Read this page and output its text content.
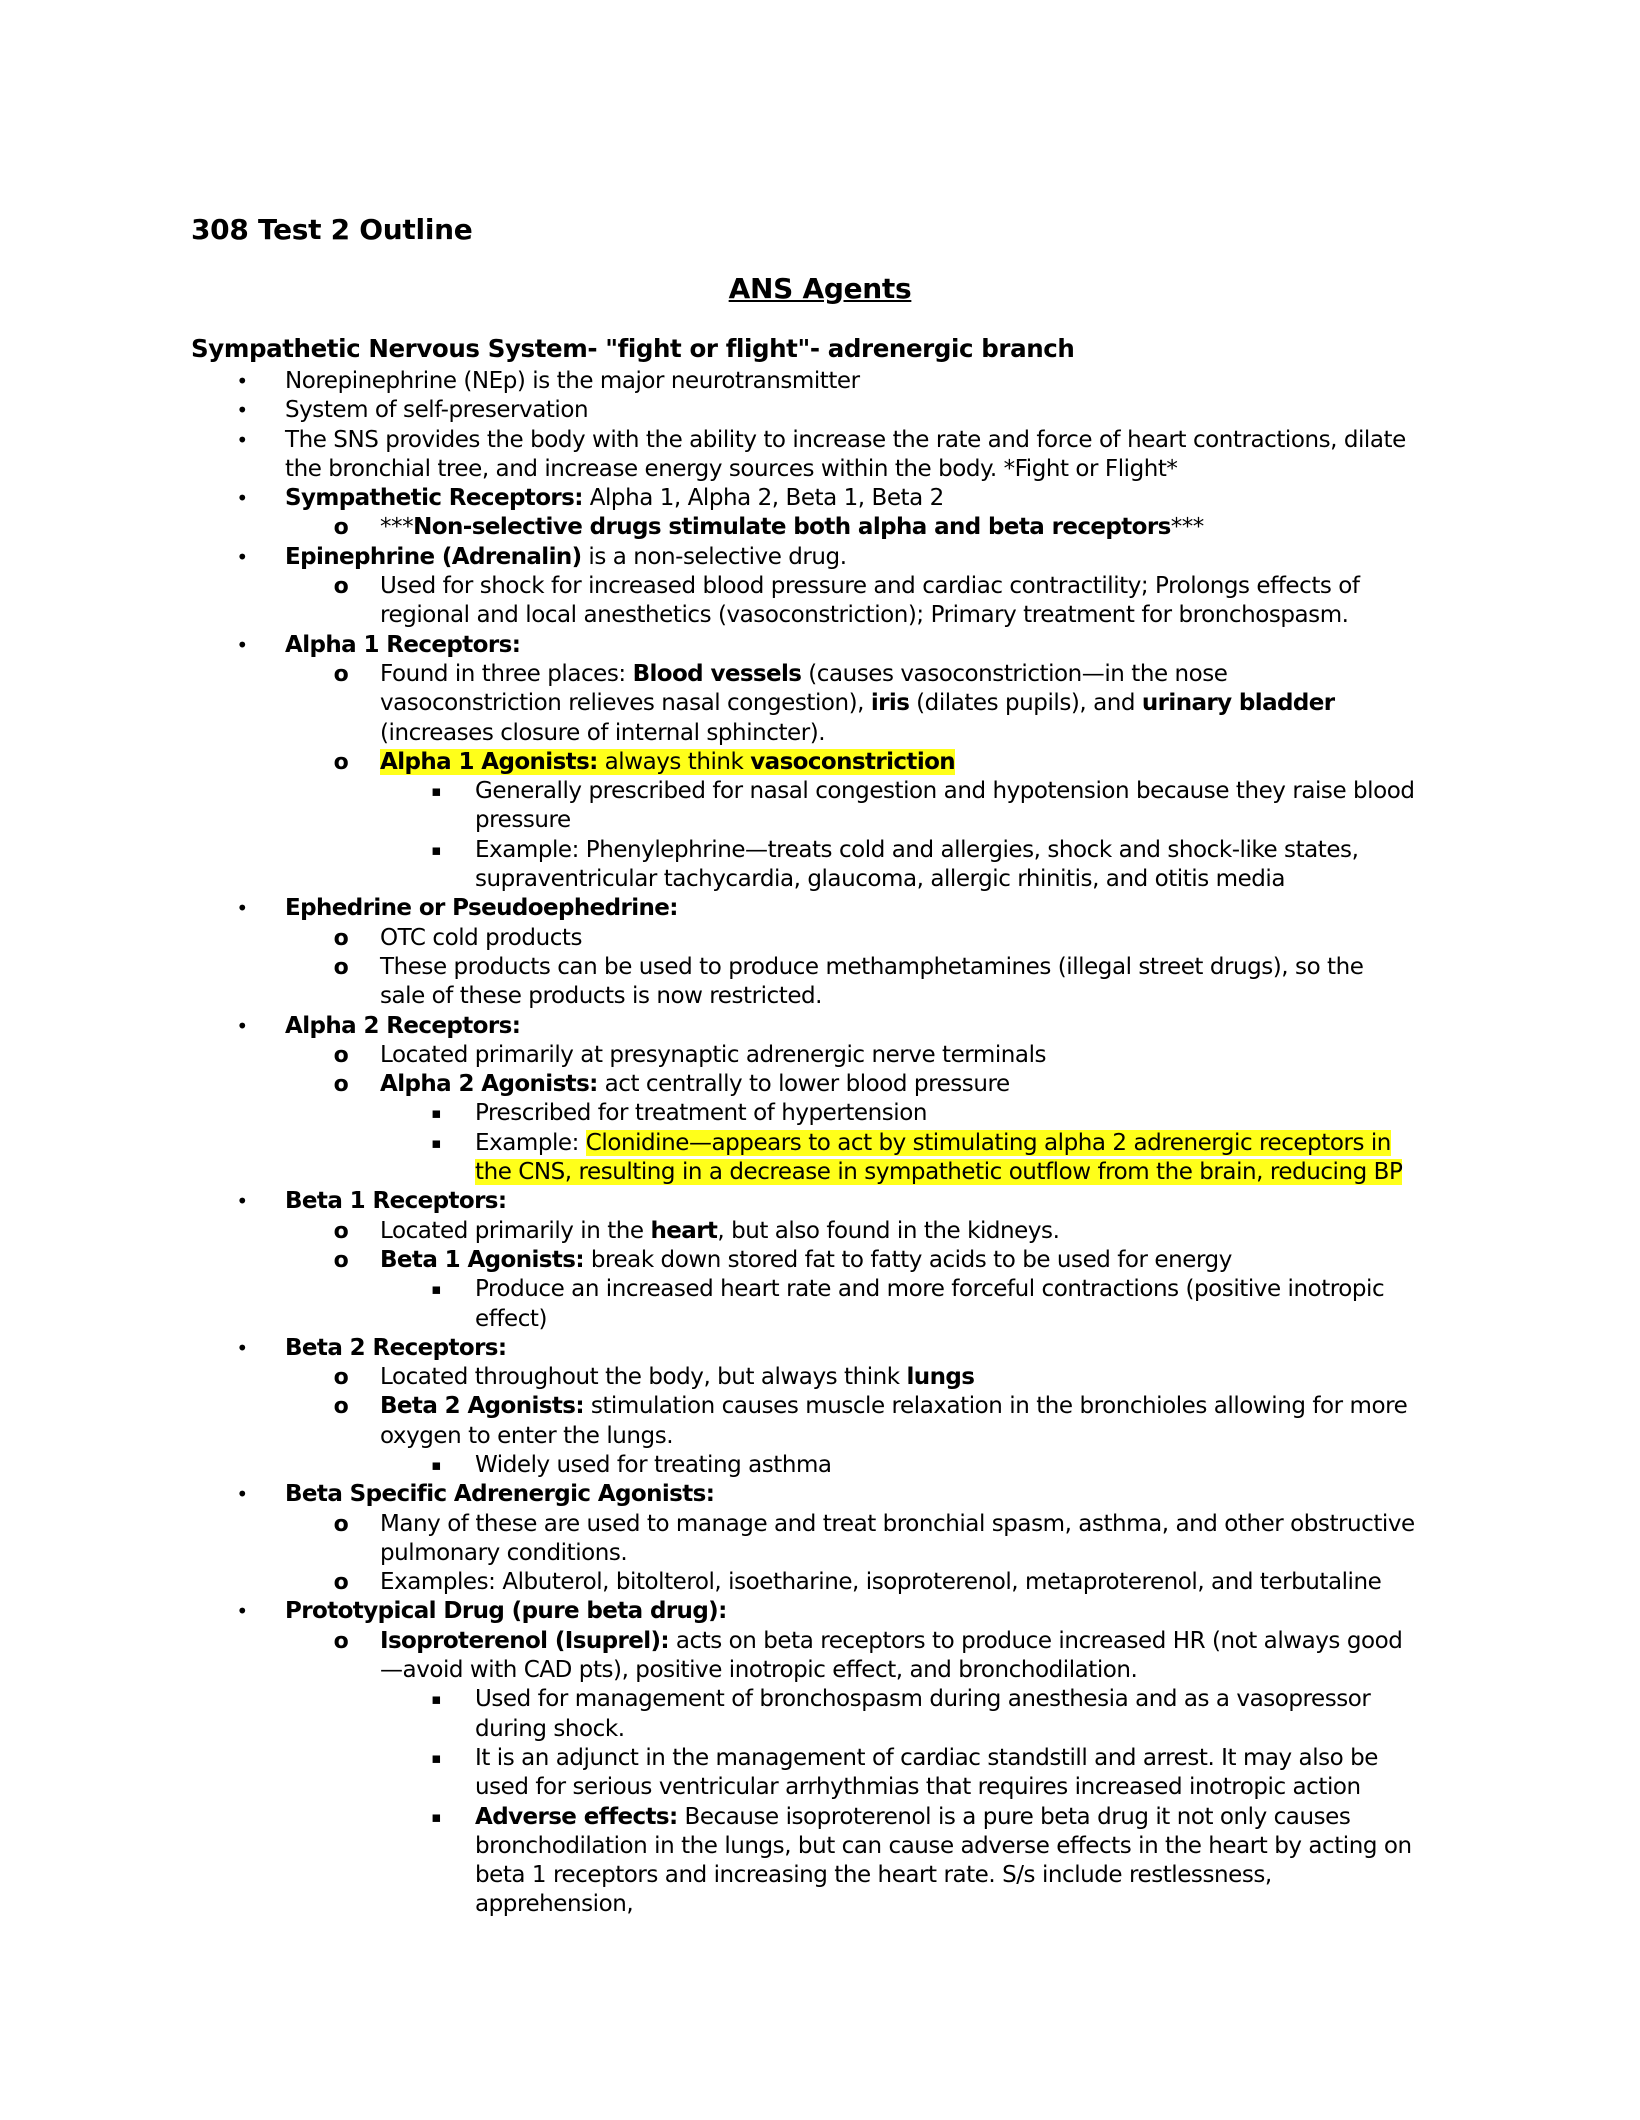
308 Test 2 Outline
ANS Agents
Sympathetic Nervous System- "fight or flight"- adrenergic branch
• Norepinephrine (NEp) is the major neurotransmitter
• System of self-preservation
• The SNS provides the body with the ability to increase the rate and force of heart contractions, dilate the bronchial tree, and increase energy sources within the body. *Fight or Flight*
• Sympathetic Receptors: Alpha 1, Alpha 2, Beta 1, Beta 2
o ***Non-selective drugs stimulate both alpha and beta receptors***
• Epinephrine (Adrenalin) is a non-selective drug.
o Used for shock for increased blood pressure and cardiac contractility; Prolongs effects of regional and local anesthetics (vasoconstriction); Primary treatment for bronchospasm.
• Alpha 1 Receptors:
o Found in three places: Blood vessels (causes vasoconstriction—in the nose vasoconstriction relieves nasal congestion), iris (dilates pupils), and urinary bladder (increases closure of internal sphincter).
o Alpha 1 Agonists: always think vasoconstriction
▪	Generally prescribed for nasal congestion and hypotension because they raise blood pressure
▪	Example: Phenylephrine—treats cold and allergies, shock and shock-like states, supraventricular tachycardia, glaucoma, allergic rhinitis, and otitis media
• Ephedrine or Pseudoephedrine:
o OTC cold products
o These products can be used to produce methamphetamines (illegal street drugs), so the sale of these products is now restricted.
• Alpha 2 Receptors:
o Located primarily at presynaptic adrenergic nerve terminals
o Alpha 2 Agonists: act centrally to lower blood pressure
▪	Prescribed for treatment of hypertension
▪	Example: Clonidine—appears to act by stimulating alpha 2 adrenergic receptors in the CNS, resulting in a decrease in sympathetic outflow from the brain, reducing BP
• Beta 1 Receptors:
o Located primarily in the heart, but also found in the kidneys.
o Beta 1 Agonists: break down stored fat to fatty acids to be used for energy
▪	Produce an increased heart rate and more forceful contractions (positive inotropic effect)
• Beta 2 Receptors:
o Located throughout the body, but always think lungs
o Beta 2 Agonists: stimulation causes muscle relaxation in the bronchioles allowing for more oxygen to enter the lungs.
▪	Widely used for treating asthma
• Beta Specific Adrenergic Agonists:
o Many of these are used to manage and treat bronchial spasm, asthma, and other obstructive pulmonary conditions.
o Examples: Albuterol, bitolterol, isoetharine, isoproterenol, metaproterenol, and terbutaline
• Prototypical Drug (pure beta drug):
o Isoproterenol (Isuprel): acts on beta receptors to produce increased HR (not always good—avoid with CAD pts), positive inotropic effect, and bronchodilation.
▪	Used for management of bronchospasm during anesthesia and as a vasopressor during shock.
▪	It is an adjunct in the management of cardiac standstill and arrest. It may also be used for serious ventricular arrhythmias that requires increased inotropic action
▪	Adverse effects: Because isoproterenol is a pure beta drug it not only causes bronchodilation in the lungs, but can cause adverse effects in the heart by acting on beta 1 receptors and increasing the heart rate. S/s include restlessness, apprehension,
